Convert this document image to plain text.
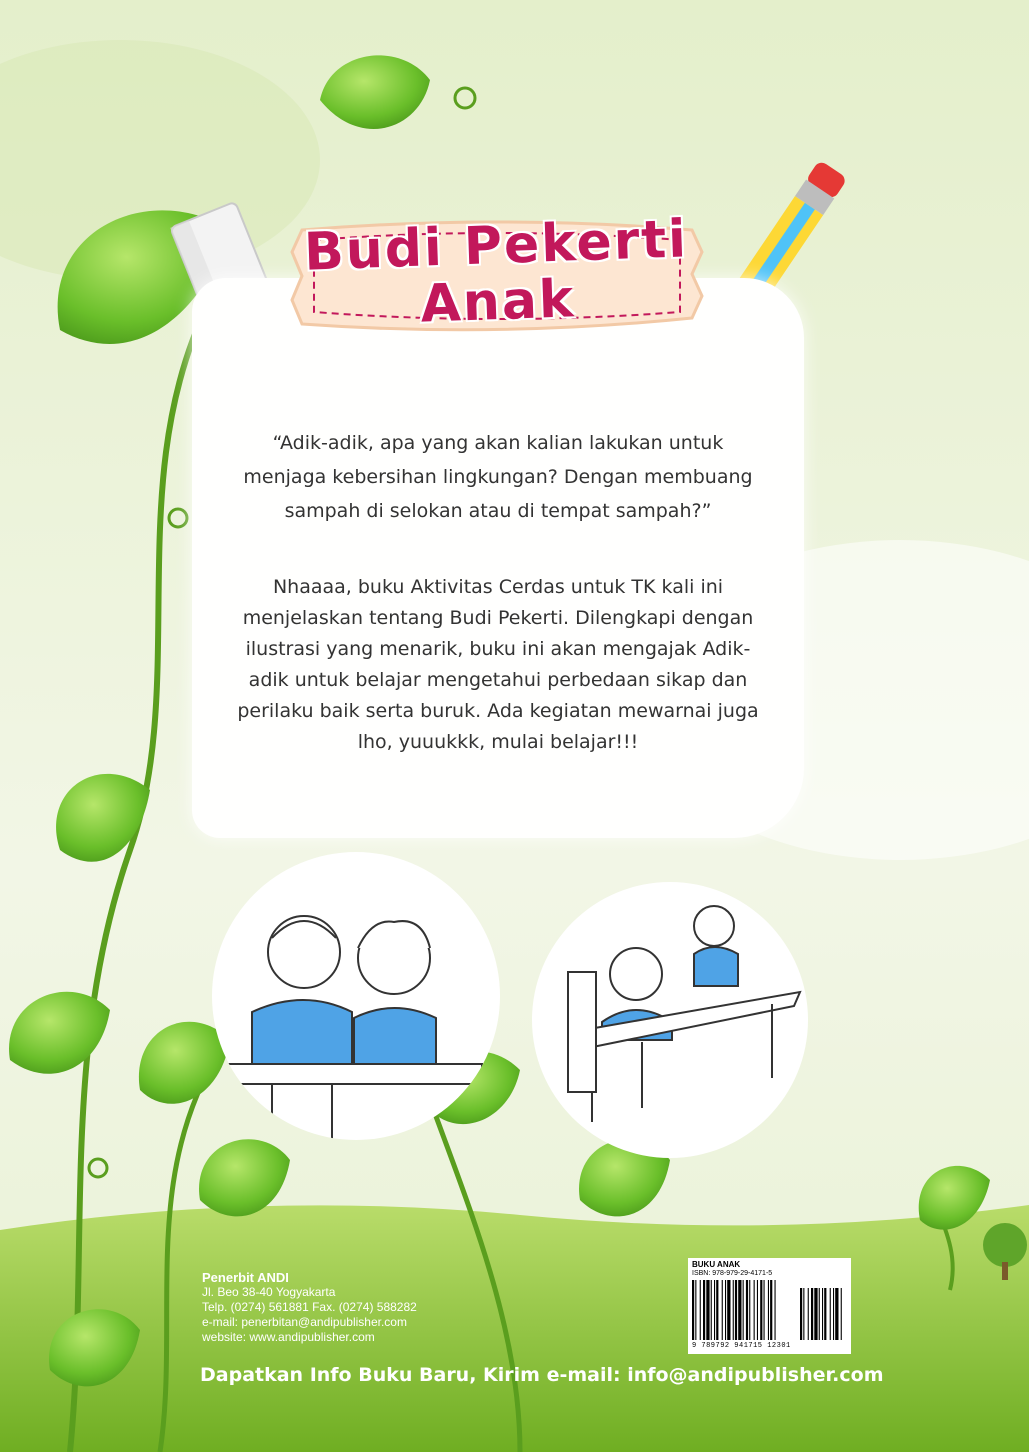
Budi Pekerti Anak

“Adik-adik, apa yang akan kalian lakukan untuk menjaga kebersihan lingkungan? Dengan membuang sampah di selokan atau di tempat sampah?”

Nhaaaa, buku Aktivitas Cerdas untuk TK kali ini menjelaskan tentang Budi Pekerti. Dilengkapi dengan ilustrasi yang menarik, buku ini akan mengajak Adik-adik untuk belajar mengetahui perbedaan sikap dan perilaku baik serta buruk. Ada kegiatan mewarnai juga lho, yuuukkk, mulai belajar!!!

Penerbit ANDI
Jl. Beo 38-40 Yogyakarta
Telp. (0274) 561881 Fax. (0274) 588282
e-mail: penerbitan@andipublisher.com
website: www.andipublisher.com
BUKU ANAK
ISBN: 978-979-29-4171-5
9 789792 941715 12301
Dapatkan Info Buku Baru, Kirim e-mail: info@andipublisher.com
